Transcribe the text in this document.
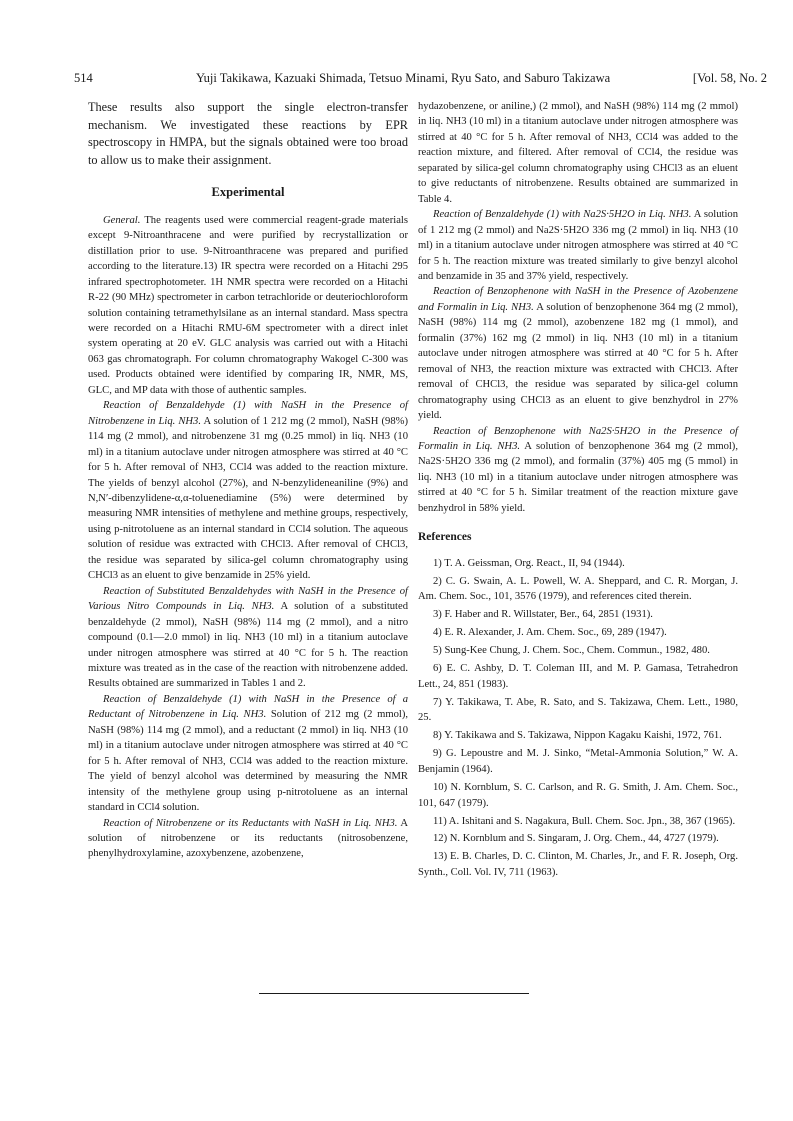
514	Yuji Takikawa, Kazuaki Shimada, Tetsuo Minami, Ryu Sato, and Saburo Takizawa	[Vol. 58, No. 2

These results also support the single electron-transfer mechanism. We investigated these reactions by EPR spectroscopy in HMPA, but the signals obtained were too broad to allow us to make their assignment.

Experimental

General. The reagents used were commercial reagent-grade materials except 9-Nitroanthracene and were purified by recrystallization or distillation prior to use. 9-Nitroanthracene was prepared and purified according to the literature.13) IR spectra were recorded on a Hitachi 295 infrared spectrophotometer. 1H NMR spectra were recorded on a Hitachi R-22 (90 MHz) spectrometer in carbon tetrachloride or deuteriochloroform solution containing tetramethylsilane as an internal standard. Mass spectra were recorded on a Hitachi RMU-6M spectrometer with a direct inlet system operating at 20 eV. GLC analysis was carried out with a Hitachi 063 gas chromatograph. For column chromatography Wakogel C-300 was used. Products obtained were identified by comparing IR, NMR, MS, GLC, and MP data with those of authentic samples.

Reaction of Benzaldehyde (1) with NaSH in the Presence of Nitrobenzene in Liq. NH3. A solution of 1 212 mg (2 mmol), NaSH (98%) 114 mg (2 mmol), and nitrobenzene 31 mg (0.25 mmol) in liq. NH3 (10 ml) in a titanium autoclave under nitrogen atmosphere was stirred at 40 °C for 5 h. After removal of NH3, CCl4 was added to the reaction mixture. The yields of benzyl alcohol (27%), and N-benzylideneaniline (9%) and N,N′-dibenzylidene-α,α-toluenediamine (5%) were determined by measuring NMR intensities of methylene and methine groups, respectively, using p-nitrotoluene as an internal standard in CCl4 solution. The aqueous solution of residue was extracted with CHCl3. After removal of CHCl3, the residue was separated by silica-gel column chromatography using CHCl3 as an eluent to give benzamide in 25% yield.

Reaction of Substituted Benzaldehydes with NaSH in the Presence of Various Nitro Compounds in Liq. NH3. A solution of a substituted benzaldehyde (2 mmol), NaSH (98%) 114 mg (2 mmol), and a nitro compound (0.1—2.0 mmol) in liq. NH3 (10 ml) in a titanium autoclave under nitrogen atmosphere was stirred at 40 °C for 5 h. The reaction mixture was treated as in the case of the reaction with nitrobenzene added. Results obtained are summarized in Tables 1 and 2.

Reaction of Benzaldehyde (1) with NaSH in the Presence of a Reductant of Nitrobenzene in Liq. NH3. Solution of 212 mg (2 mmol), NaSH (98%) 114 mg (2 mmol), and a reductant (2 mmol) in liq. NH3 (10 ml) in a titanium autoclave under nitrogen atmosphere was stirred at 40 °C for 5 h. After removal of NH3, CCl4 was added to the reaction mixture. The yield of benzyl alcohol was determined by measuring the NMR intensity of the methylene group using p-nitrotoluene as an internal standard in CCl4 solution.

Reaction of Nitrobenzene or its Reductants with NaSH in Liq. NH3. A solution of nitrobenzene or its reductants (nitrosobenzene, phenylhydroxylamine, azoxybenzene, azobenzene,

hydazobenzene, or aniline,) (2 mmol), and NaSH (98%) 114 mg (2 mmol) in liq. NH3 (10 ml) in a titanium autoclave under nitrogen atmosphere was stirred at 40 °C for 5 h. After removal of NH3, CCl4 was added to the reaction mixture, and filtered. After removal of CCl4, the residue was separated by silica-gel column chromatography using CHCl3 as an eluent to give reductants of nitrobenzene. Results obtained are summarized in Table 4.

Reaction of Benzaldehyde (1) with Na2S·5H2O in Liq. NH3. A solution of 1 212 mg (2 mmol) and Na2S·5H2O 336 mg (2 mmol) in liq. NH3 (10 ml) in a titanium autoclave under nitrogen atmosphere was stirred at 40 °C for 5 h. The reaction mixture was treated similarly to give benzyl alcohol and benzamide in 35 and 37% yield, respectively.

Reaction of Benzophenone with NaSH in the Presence of Azobenzene and Formalin in Liq. NH3. A solution of benzophenone 364 mg (2 mmol), NaSH (98%) 114 mg (2 mmol), azobenzene 182 mg (1 mmol), and formalin (37%) 162 mg (2 mmol) in liq. NH3 (10 ml) in a titanium autoclave under nitrogen atmosphere was stirred at 40 °C for 5 h. After removal of NH3, the reaction mixture was extracted with CHCl3. After removal of CHCl3, the residue was separated by silica-gel column chromatography using CHCl3 as an eluent to give benzhydrol in 27% yield.

Reaction of Benzophenone with Na2S·5H2O in the Presence of Formalin in Liq. NH3. A solution of benzophenone 364 mg (2 mmol), Na2S·5H2O 336 mg (2 mmol), and formalin (37%) 405 mg (5 mmol) in liq. NH3 (10 ml) in a titanium autoclave under nitrogen atmosphere was stirred at 40 °C for 5 h. Similar treatment of the reaction mixture gave benzhydrol in 58% yield.

References
1) T. A. Geissman, Org. React., II, 94 (1944).
2) C. G. Swain, A. L. Powell, W. A. Sheppard, and C. R. Morgan, J. Am. Chem. Soc., 101, 3576 (1979), and references cited therein.
3) F. Haber and R. Willstater, Ber., 64, 2851 (1931).
4) E. R. Alexander, J. Am. Chem. Soc., 69, 289 (1947).
5) Sung-Kee Chung, J. Chem. Soc., Chem. Commun., 1982, 480.
6) E. C. Ashby, D. T. Coleman III, and M. P. Gamasa, Tetrahedron Lett., 24, 851 (1983).
7) Y. Takikawa, T. Abe, R. Sato, and S. Takizawa, Chem. Lett., 1980, 25.
8) Y. Takikawa and S. Takizawa, Nippon Kagaku Kaishi, 1972, 761.
9) G. Lepoustre and M. J. Sinko, “Metal-Ammonia Solution,” W. A. Benjamin (1964).
10) N. Kornblum, S. C. Carlson, and R. G. Smith, J. Am. Chem. Soc., 101, 647 (1979).
11) A. Ishitani and S. Nagakura, Bull. Chem. Soc. Jpn., 38, 367 (1965).
12) N. Kornblum and S. Singaram, J. Org. Chem., 44, 4727 (1979).
13) E. B. Charles, D. C. Clinton, M. Charles, Jr., and F. R. Joseph, Org. Synth., Coll. Vol. IV, 711 (1963).
